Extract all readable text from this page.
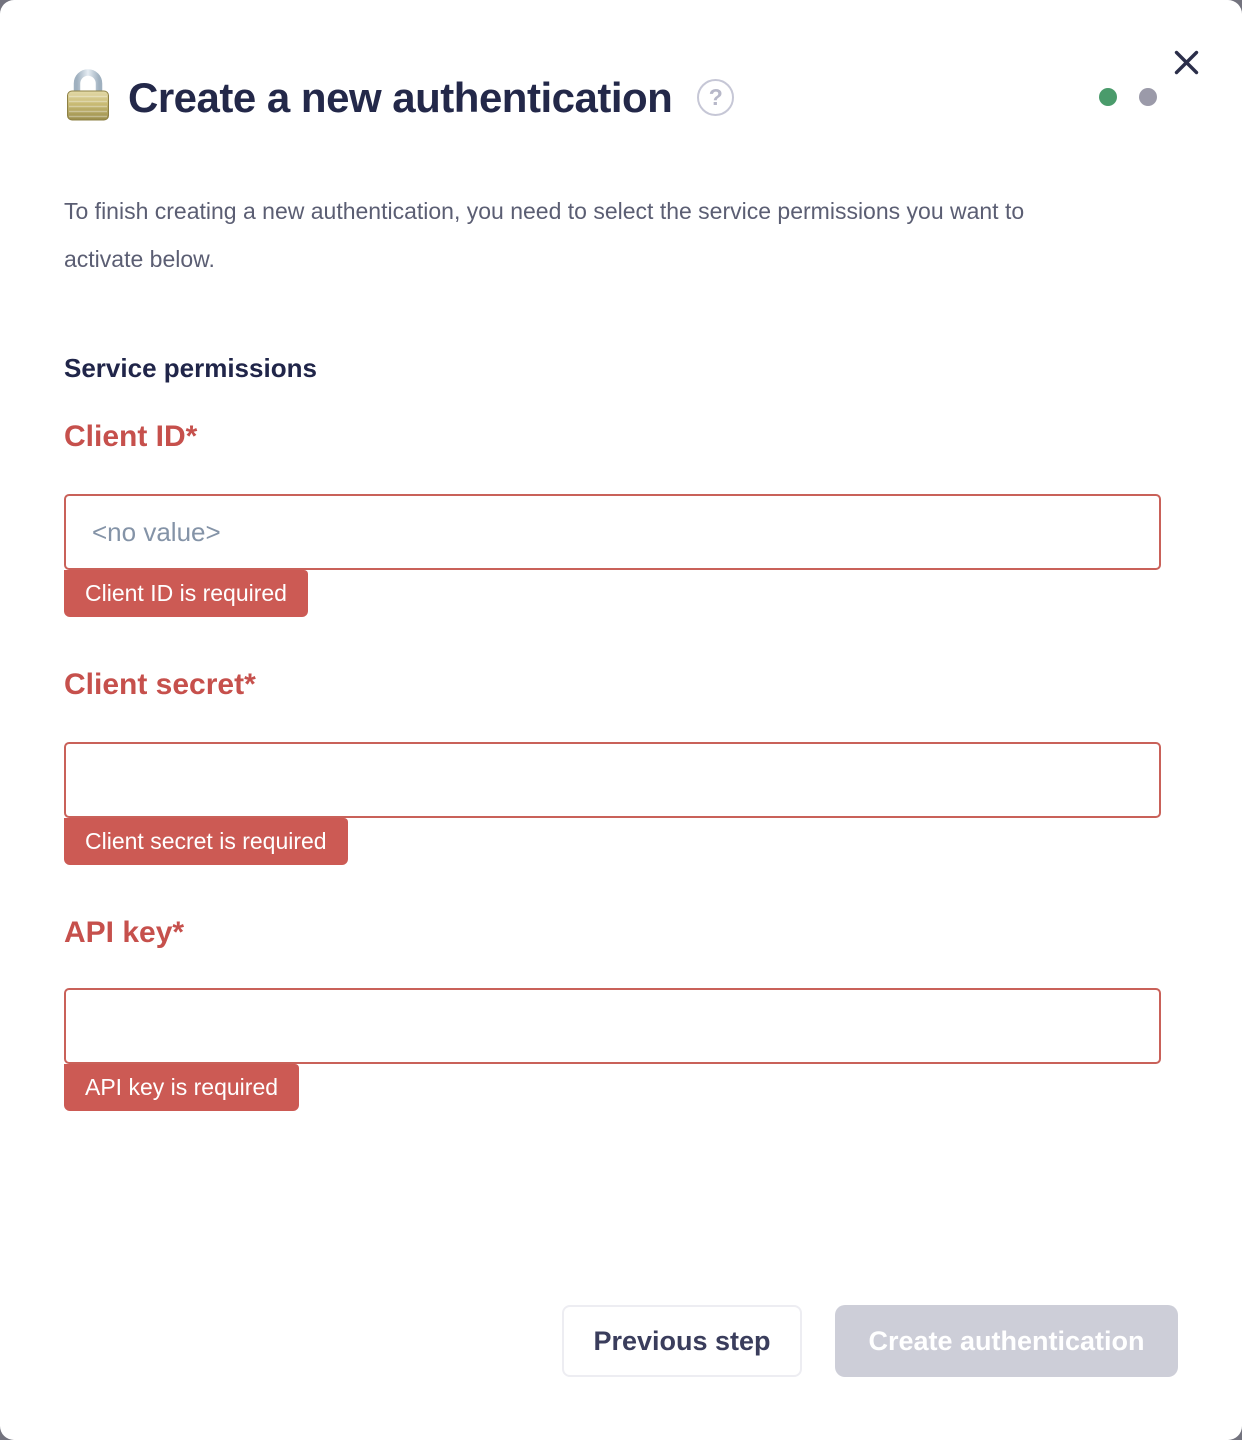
Create a new authentication	?

To finish creating a new authentication, you need to select the service permissions you want to activate below.

Service permissions
Client ID*
<no value> Client ID is required
Client secret*
Client secret is required
API key*
API key is required
Previous step	Create authentication
